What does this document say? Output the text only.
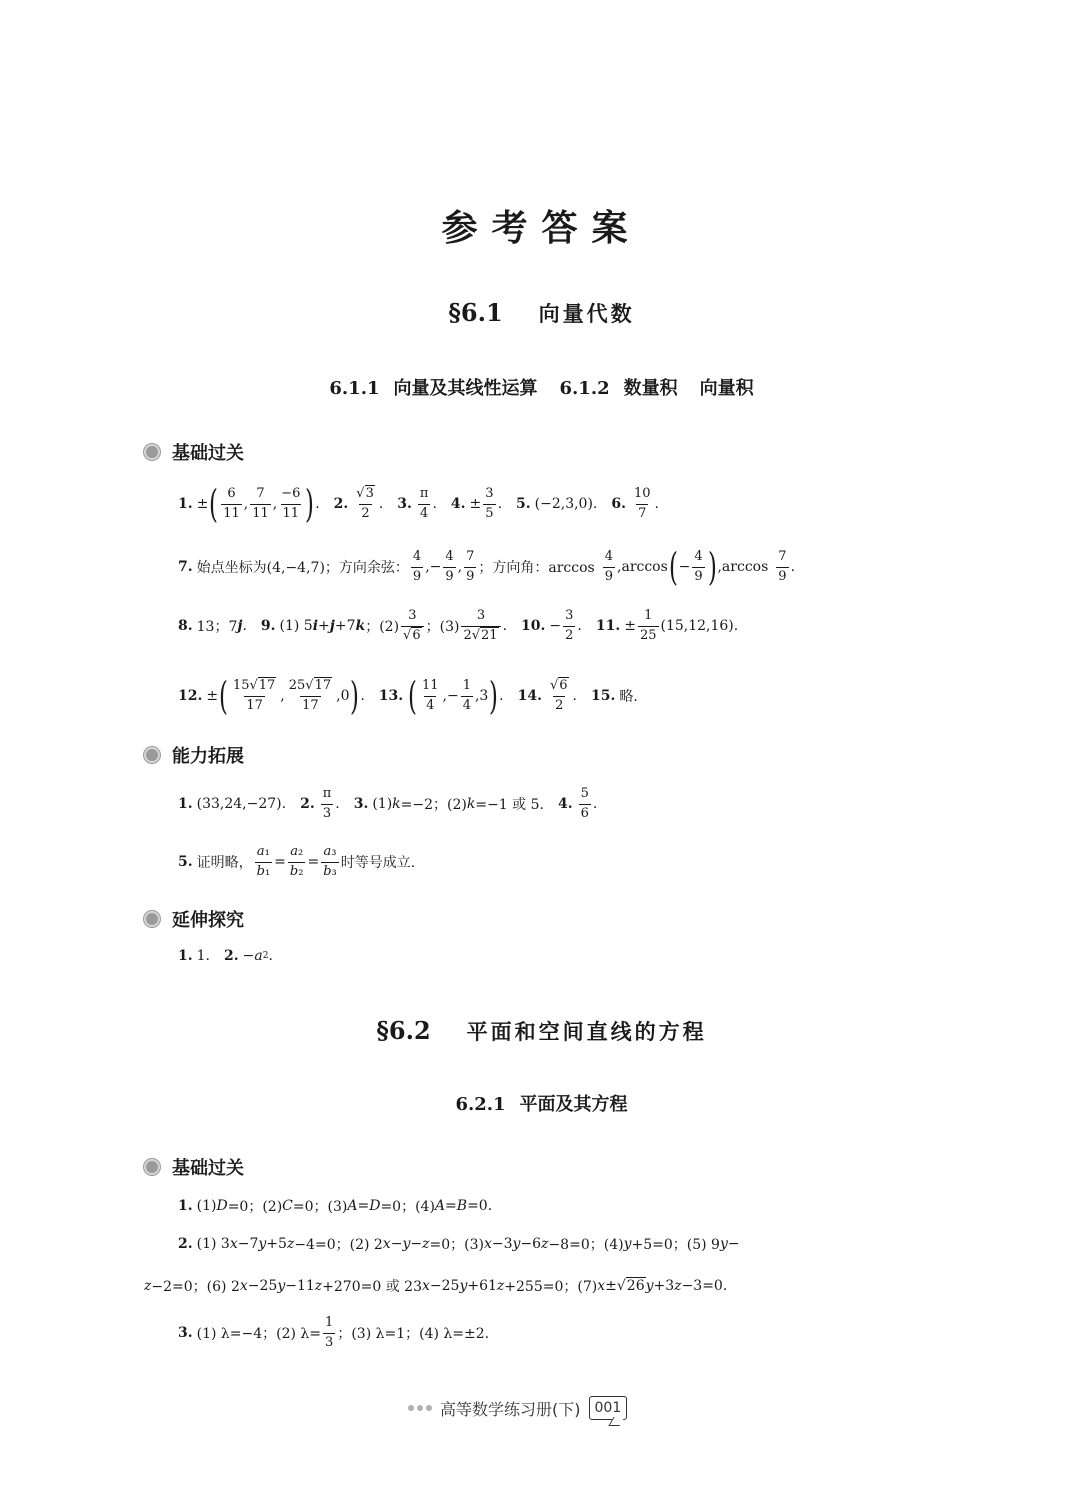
参考答案
§6.1 向量代数
6.1.1 向量及其线性运算 6.1.2 数量积 向量积
基础过关
1. ± ( $\frac{6}{11}$ , $\frac{7}{11}$ , $\frac{-6}{11}$ ) . 2. $\frac{√3}{2}$ . 3. $\frac{\pi}{4}$ . 4. ± $\frac{3}{5}$ . 5. (−2,3,0). 6. $\frac{10}{7}$ .
7. 始点坐标为(4,−4,7)；方向余弦： $\frac{4}{9}$ ,− $\frac{4}{9}$ , $\frac{7}{9}$ ；方向角：$\arccos \frac{4}{9} ,\arccos$ ( − $\frac{4}{9}$ ) $,\arccos \frac{7}{9}$ .
8. 13；7 j . 9. (1) 5 i + j +7 k ；$(2) \frac{3}{√6}$ ；$(3) \frac{3}{2√21}$ . 10. − $\frac{3}{2}$ . 11. ± $\frac{1}{25} (15,12,16)$.
12. ± ( $\frac{15√17}{17}$ , $\frac{25√17}{17} ,0$ ) . 13. ( $\frac{11}{4}$ ,− $\frac{1}{4} ,3$ ) . 14. $\frac{√6}{2}$ . 15. 略.
能力拓展
1. (33,24,−27). 2. $\frac{\pi}{3}$ . 3. (1) k =−2；(2) k =−1 或 5. 4. $\frac{5}{6}$ .
5. 证明略， $\frac{\text{a₁}}{\text{b₁}} = \frac{\text{a₂}}{\text{b₂}} = \frac{\text{a₃}}{\text{b₃}}$ 时等号成立.
延伸探究
1. 1. 2. − a 2 .
§6.2 平面和空间直线的方程
6.2.1 平面及其方程
基础过关
1. (1) D =0；(2) C =0；(3) A = D =0；(4) A = B =0.
2. (1) 3 x −7 y +5 z −4=0；(2) 2 x − y − z =0；(3) x −3 y −6 z −8=0；(4) y +5=0；(5) 9 y −
z −2=0；(6) 2 x −25 y −11 z +270=0 或 23 x −25 y +61 z +255=0；(7) x ±√ 26 y +3 z −3=0.
3. (1) λ=−4；(2) $\lambda= \frac{1}{3}$ ；(3) λ=1；(4) λ=±2.
高等数学练习册(下)	001
